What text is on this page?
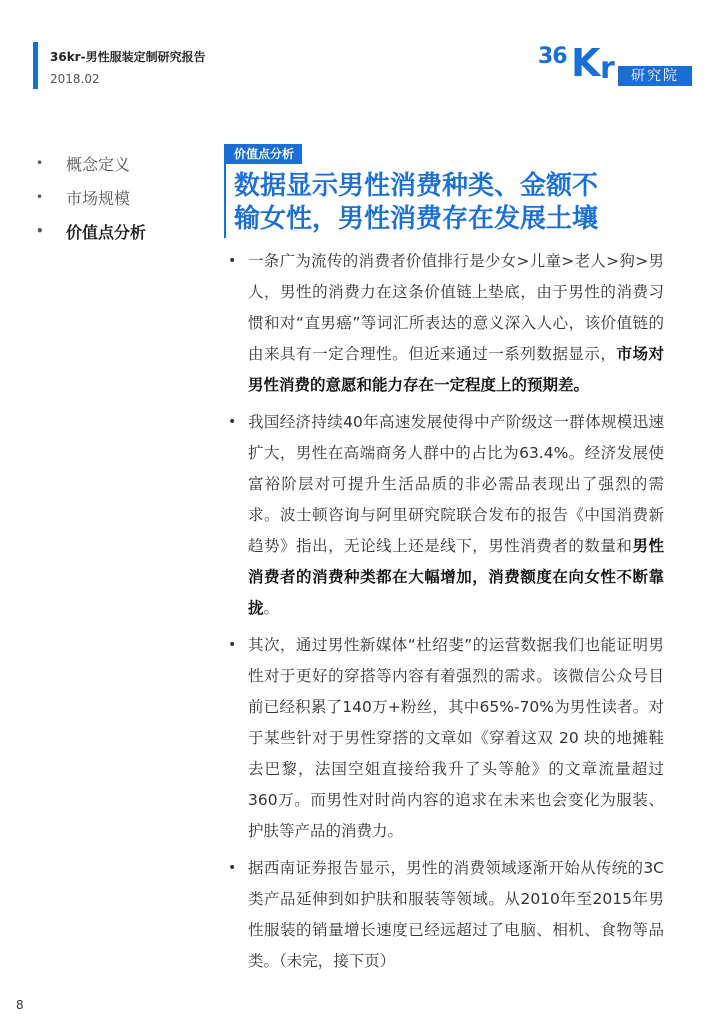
36kr-男性服装定制研究报告
2018.02
36 K r	研究院
•	概念定义
•	市场规模
•	价值点分析
价值点分析
数据显示男性消费种类、金额不
输女性，男性消费存在发展土壤
• 一条广为流传的消费者价值排行是少女>儿童>老人>狗>男人，男性的消费力在这条价值链上垫底，由于男性的消费习惯和对“直男癌”等词汇所表达的意义深入人心，该价值链的由来具有一定合理性。但近来通过一系列数据显示，市场对男性消费的意愿和能力存在一定程度上的预期差。
• 我国经济持续40年高速发展使得中产阶级这一群体规模迅速扩大，男性在高端商务人群中的占比为63.4%。经济发展使富裕阶层对可提升生活品质的非必需品表现出了强烈的需求。波士顿咨询与阿里研究院联合发布的报告《中国消费新趋势》指出，无论线上还是线下，男性消费者的数量和男性消费者的消费种类都在大幅增加，消费额度在向女性不断靠拢。
• 其次，通过男性新媒体“杜绍斐”的运营数据我们也能证明男性对于更好的穿搭等内容有着强烈的需求。该微信公众号目前已经积累了140万+粉丝，其中65%-70%为男性读者。对于某些针对于男性穿搭的文章如《穿着这双 20 块的地摊鞋去巴黎，法国空姐直接给我升了头等舱》的文章流量超过360万。而男性对时尚内容的追求在未来也会变化为服装、护肤等产品的消费力。
• 据西南证券报告显示，男性的消费领域逐渐开始从传统的3C类产品延伸到如护肤和服装等领域。从2010年至2015年男性服装的销量增长速度已经远超过了电脑、相机、食物等品类。（未完，接下页）
8
